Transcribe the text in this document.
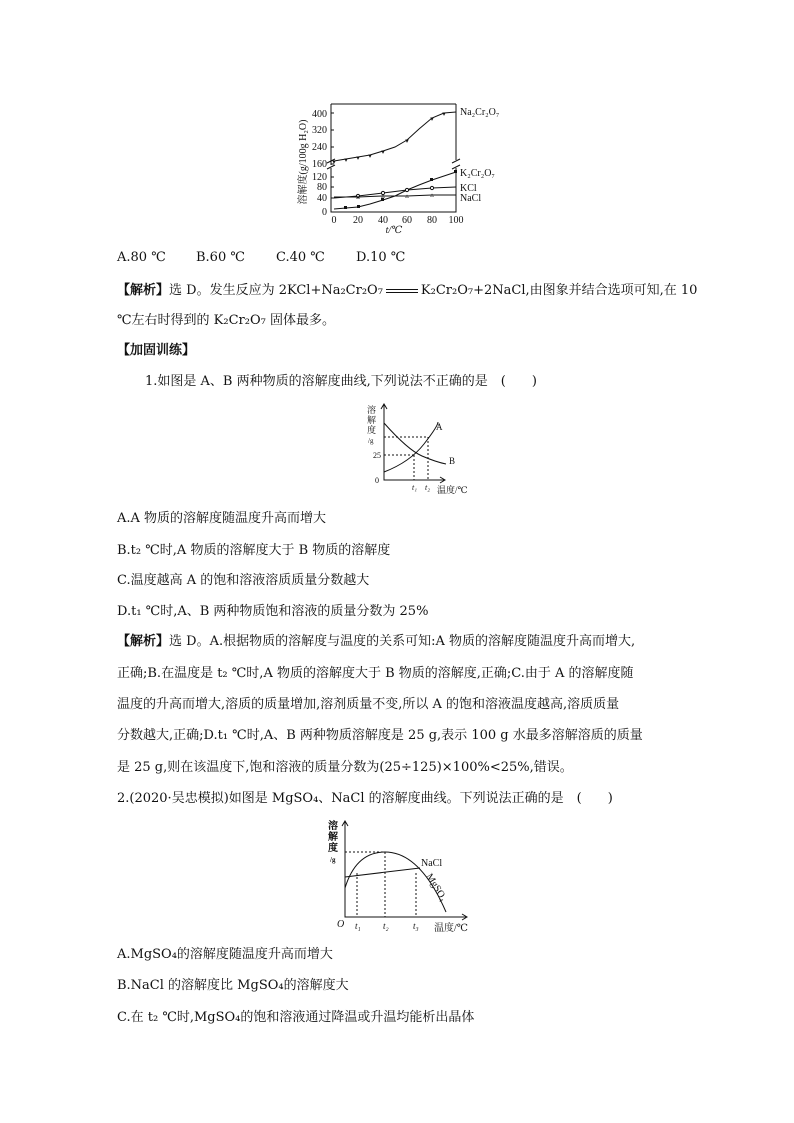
溶解度(g/100g H₂O)
400
320
240
160
120
80
40
0
0 20 40 60 80 100
t/℃
▾ ▾ ▾ ▾ ▾
▾
▾
▾
▵	▵	▵	▵
Na₂Cr₂O₇
K₂Cr₂O₇
KCl
NaCl
A.80 ℃ B.60 ℃ C.40 ℃ D.10 ℃
【解析】选 D。发生反应为 2KCl+Na₂Cr₂O₇	K₂Cr₂O₇+2NaCl,由图象并结合选项可知,在 10
℃左右时得到的 K₂Cr₂O₇ 固体最多。
【加固训练】
1.如图是 A、B 两种物质的溶解度曲线,下列说法不正确的是　(　　)
溶
解
度
/g
A
B
25
0
t₁ t₂ 温度/℃
A.A 物质的溶解度随温度升高而增大
B.t₂ ℃时,A 物质的溶解度大于 B 物质的溶解度
C.温度越高 A 的饱和溶液溶质质量分数越大
D.t₁ ℃时,A、B 两种物质饱和溶液的质量分数为 25%
【解析】选 D。A.根据物质的溶解度与温度的关系可知:A 物质的溶解度随温度升高而增大,
正确;B.在温度是 t₂ ℃时,A 物质的溶解度大于 B 物质的溶解度,正确;C.由于 A 的溶解度随
温度的升高而增大,溶质的质量增加,溶剂质量不变,所以 A 的饱和溶液温度越高,溶质质量
分数越大,正确;D.t₁ ℃时,A、B 两种物质溶解度是 25 g,表示 100 g 水最多溶解溶质的质量
是 25 g,则在该温度下,饱和溶液的质量分数为(25÷125)×100%<25%,错误。
2.(2020·吴忠模拟)如图是 MgSO₄、NaCl 的溶解度曲线。下列说法正确的是　(　　)
溶
解
度
/g	NaCl
MgSO₄
O t₁ t₂	t₃ 温度/℃
A.MgSO₄的溶解度随温度升高而增大
B.NaCl 的溶解度比 MgSO₄的溶解度大
C.在 t₂ ℃时,MgSO₄的饱和溶液通过降温或升温均能析出晶体
